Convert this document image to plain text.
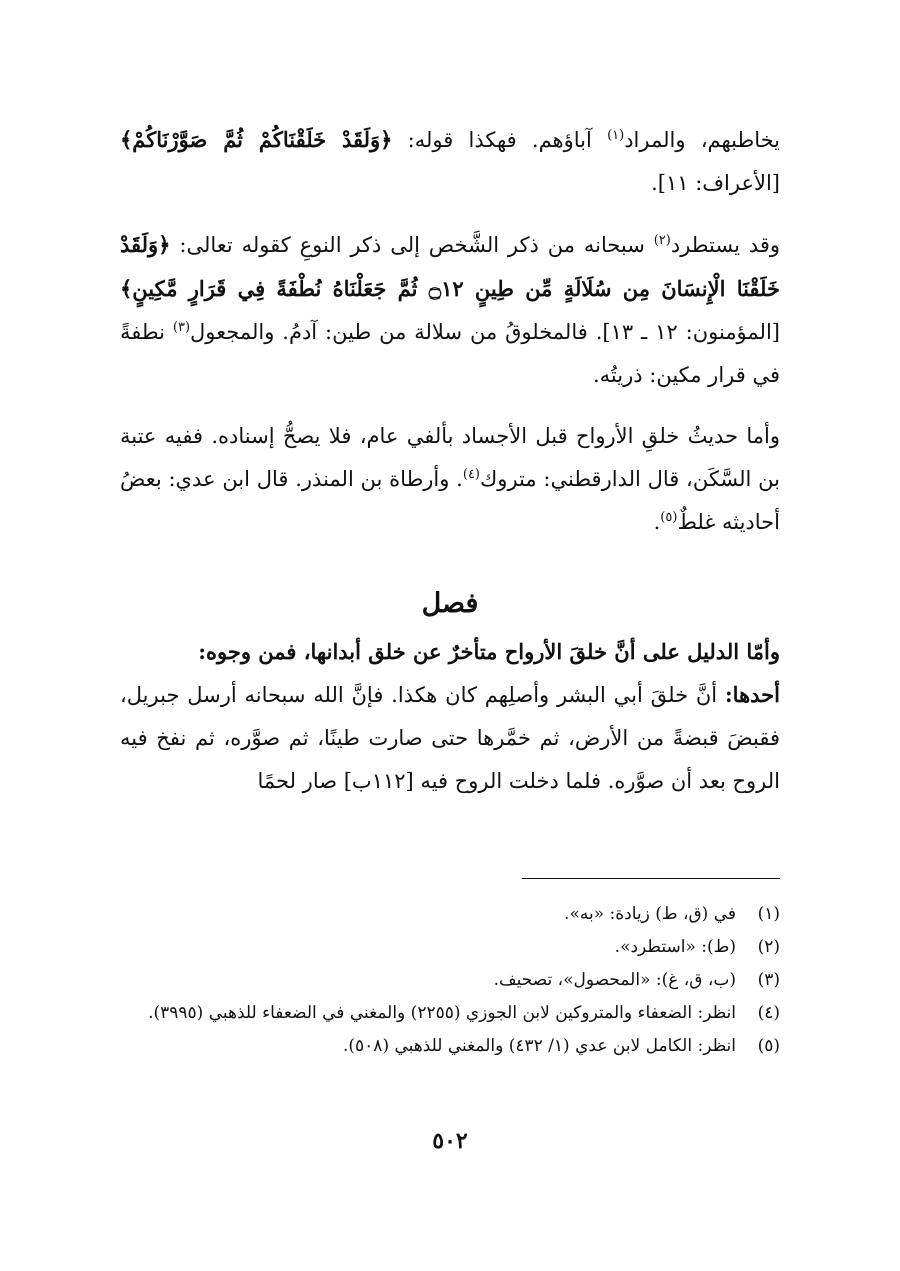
يخاطبهم، والمراد$^{(١)}$ آباؤهم. فهكذا قوله: ﴿وَلَقَدْ خَلَقْنَاكُمْ ثُمَّ صَوَّرْنَاكُمْ﴾ [الأعراف: ١١].

وقد يستطرد$^{(٢)}$ سبحانه من ذكر الشَّخص إلى ذكر النوعِ كقوله تعالى: ﴿وَلَقَدْ خَلَقْنَا الْإِنسَانَ مِن سُلَالَةٍ مِّن طِينٍ ۝١٢ ثُمَّ جَعَلْنَاهُ نُطْفَةً فِي قَرَارٍ مَّكِينٍ﴾ [المؤمنون: ١٢ ـ ١٣]. فالمخلوقُ من سلالة من طين: آدمُ. والمجعول$^{(٣)}$ نطفةً في قرار مكين: ذريتُه.

وأما حديثُ خلقِ الأرواح قبل الأجساد بألفي عام، فلا يصحُّ إسناده. ففيه عتبة بن السَّكَن، قال الدارقطني: متروك$^{(٤)}$. وأرطاة بن المنذر. قال ابن عدي: بعضُ أحاديثه غلطٌ$^{(٥)}$.

فصل

وأمّا الدليل على أنَّ خلقَ الأرواح متأخرٌ عن خلق أبدانها، فمن وجوه:

أحدها: أنَّ خلقَ أبي البشر وأصلِهم كان هكذا. فإنَّ الله سبحانه أرسل جبريل، فقبضَ قبضةً من الأرض، ثم خمَّرها حتى صارت طينًا، ثم صوَّره، ثم نفخ فيه الروح بعد أن صوَّره. فلما دخلت الروح فيه [١١٢ب] صار لحمًا

(١)
في (ق، ط) زيادة: «به».
(٢)
(ط): «استطرد».
(٣)
(ب، ق، غ): «المحصول»، تصحيف.
(٤)
انظر: الضعفاء والمتروكين لابن الجوزي (٢٢٥٥) والمغني في الضعفاء للذهبي (٣٩٩٥).
(٥)
انظر: الكامل لابن عدي (١/ ٤٣٢) والمغني للذهبي (٥٠٨).
٥٠٢
